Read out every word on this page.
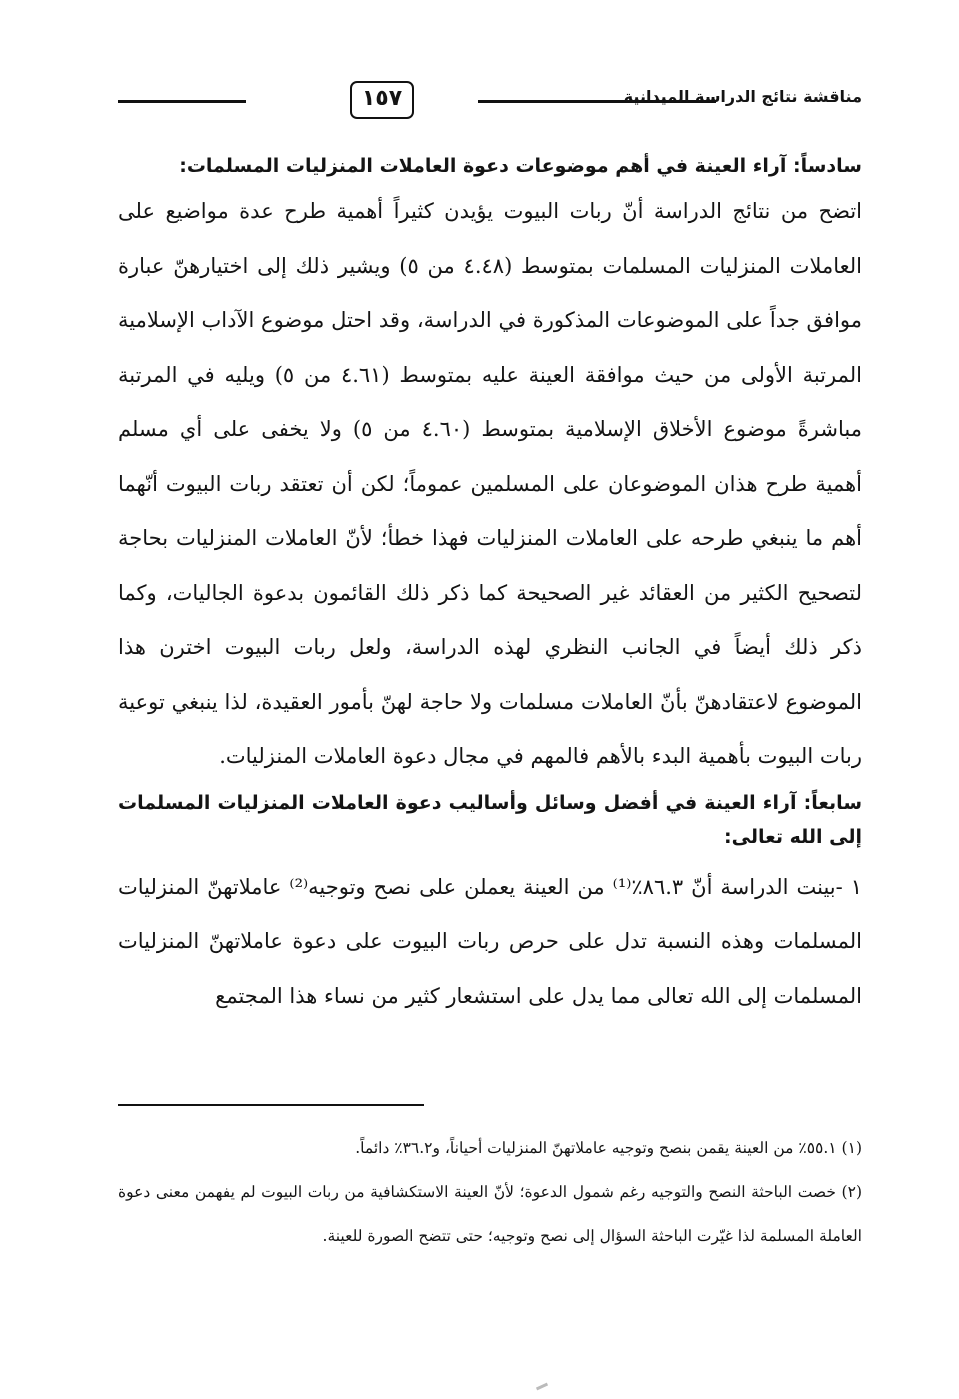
١٥٧	مناقشة نتائج الدراسة الميدانية

سادساً: آراء العينة في أهم موضوعات دعوة العاملات المنزليات المسلمات:

اتضح من نتائج الدراسة أنّ ربات البيوت يؤيدن كثيراً أهمية طرح عدة مواضيع على العاملات المنزليات المسلمات بمتوسط (٤.٤٨ من ٥) ويشير ذلك إلى اختيارهنّ عبارة موافق جداً على الموضوعات المذكورة في الدراسة، وقد احتل موضوع الآداب الإسلامية المرتبة الأولى من حيث موافقة العينة عليه بمتوسط (٤.٦١ من ٥) ويليه في المرتبة مباشرةً موضوع الأخلاق الإسلامية بمتوسط (٤.٦٠ من ٥) ولا يخفى على أي مسلم أهمية طرح هذان الموضوعان على المسلمين عموماً؛ لكن أن تعتقد ربات البيوت أنّهما أهم ما ينبغي طرحه على العاملات المنزليات فهذا خطأ؛ لأنّ العاملات المنزليات بحاجة لتصحيح الكثير من العقائد غير الصحيحة كما ذكر ذلك القائمون بدعوة الجاليات، وكما ذكر ذلك أيضاً في الجانب النظري لهذه الدراسة، ولعل ربات البيوت اخترن هذا الموضوع لاعتقادهنّ بأنّ العاملات مسلمات ولا حاجة لهنّ بأمور العقيدة، لذا ينبغي توعية ربات البيوت بأهمية البدء بالأهم فالمهم في مجال دعوة العاملات المنزليات.

سابعاً: آراء العينة في أفضل وسائل وأساليب دعوة العاملات المنزليات المسلمات إلى الله تعالى:

١ -بينت الدراسة أنّ ٨٦.٣٪⁽¹⁾ من العينة يعملن على نصح وتوجيه⁽²⁾ عاملاتهنّ المنزليات المسلمات وهذه النسبة تدل على حرص ربات البيوت على دعوة عاملاتهنّ المنزليات المسلمات إلى الله تعالى مما يدل على استشعار كثير من نساء هذا المجتمع

(١) ٥٥.١٪ من العينة يقمن بنصح وتوجيه عاملاتهنّ المنزليات أحياناً، و٣٦.٢٪ دائماً.

(٢) خصت الباحثة النصح والتوجيه رغم شمول الدعوة؛ لأنّ العينة الاستكشافية من ربات البيوت لم يفهمن معنى دعوة العاملة المسلمة لذا غيّرت الباحثة السؤال إلى نصح وتوجيه؛ حتى تتضح الصورة للعينة.
